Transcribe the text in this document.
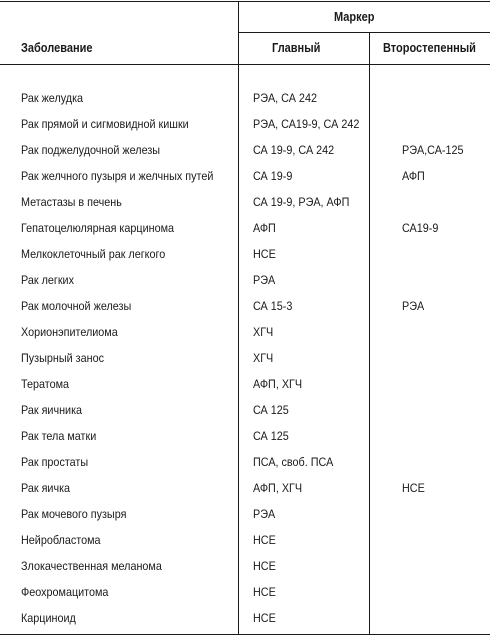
Маркер
Заболевание	Главный	Второстепенный
Рак желудка	РЭА, СА 242
Рак прямой и сигмовидной кишки	РЭА, СА19-9, СА 242
Рак поджелудочной железы	СА 19-9, СА 242	РЭА,СА-125
Рак желчного пузыря и желчных путей	СА 19-9	АФП
Метастазы в печень	СА 19-9, РЭА, АФП
Гепатоцелюлярная карцинома	АФП	СА19-9
Мелкоклеточный рак легкого	НСЕ
Рак легких	РЭА
Рак молочной железы	СА 15-3	РЭА
Хорионэпителиома	ХГЧ
Пузырный занос	ХГЧ
Тератома	АФП, ХГЧ
Рак яичника	СА 125
Рак тела матки	СА 125
Рак простаты	ПСА, своб. ПСА
Рак яичка	АФП, ХГЧ	НСЕ
Рак мочевого пузыря	РЭА
Нейробластома	НСЕ
Злокачественная меланома	НСЕ
Феохромацитома	НСЕ
Карциноид	НСЕ
